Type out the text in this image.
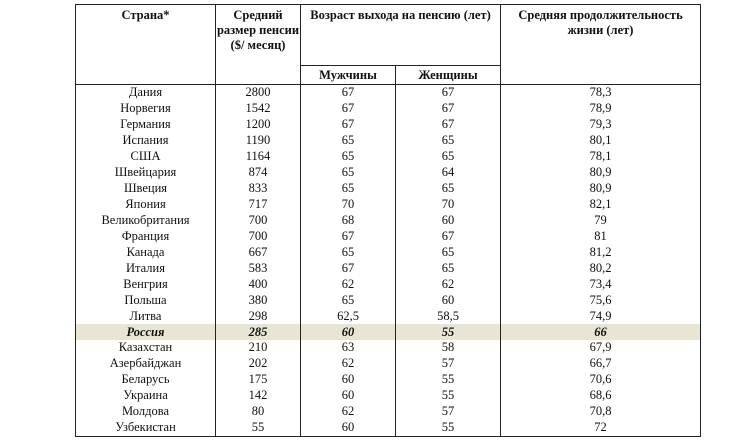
Страна*	Средний размер пенсии ($/ месяц)	Возраст выхода на пенсию (лет)		Средняя продолжительность жизни (лет)
		Мужчины	Женщины	
Дания	2800	67	67	78,3
Норвегия	1542	67	67	78,9
Германия	1200	67	67	79,3
Испания	1190	65	65	80,1
США	1164	65	65	78,1
Швейцария	874	65	64	80,9
Швеция	833	65	65	80,9
Япония	717	70	70	82,1
Великобритания	700	68	60	79
Франция	700	67	67	81
Канада	667	65	65	81,2
Италия	583	67	65	80,2
Венгрия	400	62	62	73,4
Польша	380	65	60	75,6
Литва	298	62,5	58,5	74,9
Россия	285	60	55	66
Казахстан	210	63	58	67,9
Азербайджан	202	62	57	66,7
Беларусь	175	60	55	70,6
Украина	142	60	55	68,6
Молдова	80	62	57	70,8
Узбекистан	55	60	55	72
